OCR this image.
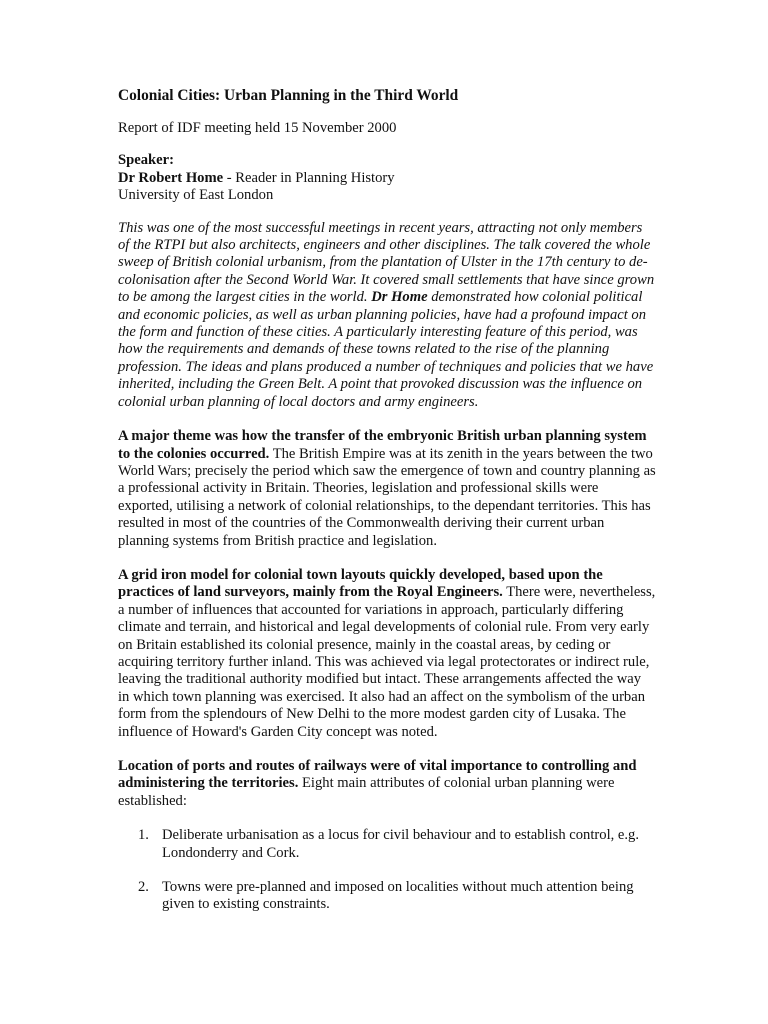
Colonial Cities: Urban Planning in the Third World
Report of IDF meeting held 15 November 2000
Speaker:
Dr Robert Home - Reader in Planning History
University of East London
This was one of the most successful meetings in recent years, attracting not only members of the RTPI but also architects, engineers and other disciplines. The talk covered the whole sweep of British colonial urbanism, from the plantation of Ulster in the 17th century to de-colonisation after the Second World War. It covered small settlements that have since grown to be among the largest cities in the world. Dr Home demonstrated how colonial political and economic policies, as well as urban planning policies, have had a profound impact on the form and function of these cities. A particularly interesting feature of this period, was how the requirements and demands of these towns related to the rise of the planning profession. The ideas and plans produced a number of techniques and policies that we have inherited, including the Green Belt. A point that provoked discussion was the influence on colonial urban planning of local doctors and army engineers.
A major theme was how the transfer of the embryonic British urban planning system to the colonies occurred. The British Empire was at its zenith in the years between the two World Wars; precisely the period which saw the emergence of town and country planning as a professional activity in Britain. Theories, legislation and professional skills were exported, utilising a network of colonial relationships, to the dependant territories. This has resulted in most of the countries of the Commonwealth deriving their current urban planning systems from British practice and legislation.
A grid iron model for colonial town layouts quickly developed, based upon the practices of land surveyors, mainly from the Royal Engineers. There were, nevertheless, a number of influences that accounted for variations in approach, particularly differing climate and terrain, and historical and legal developments of colonial rule. From very early on Britain established its colonial presence, mainly in the coastal areas, by ceding or acquiring territory further inland. This was achieved via legal protectorates or indirect rule, leaving the traditional authority modified but intact. These arrangements affected the way in which town planning was exercised. It also had an affect on the symbolism of the urban form from the splendours of New Delhi to the more modest garden city of Lusaka. The influence of Howard's Garden City concept was noted.
Location of ports and routes of railways were of vital importance to controlling and administering the territories. Eight main attributes of colonial urban planning were established:
1. Deliberate urbanisation as a locus for civil behaviour and to establish control, e.g. Londonderry and Cork.
2. Towns were pre-planned and imposed on localities without much attention being given to existing constraints.
